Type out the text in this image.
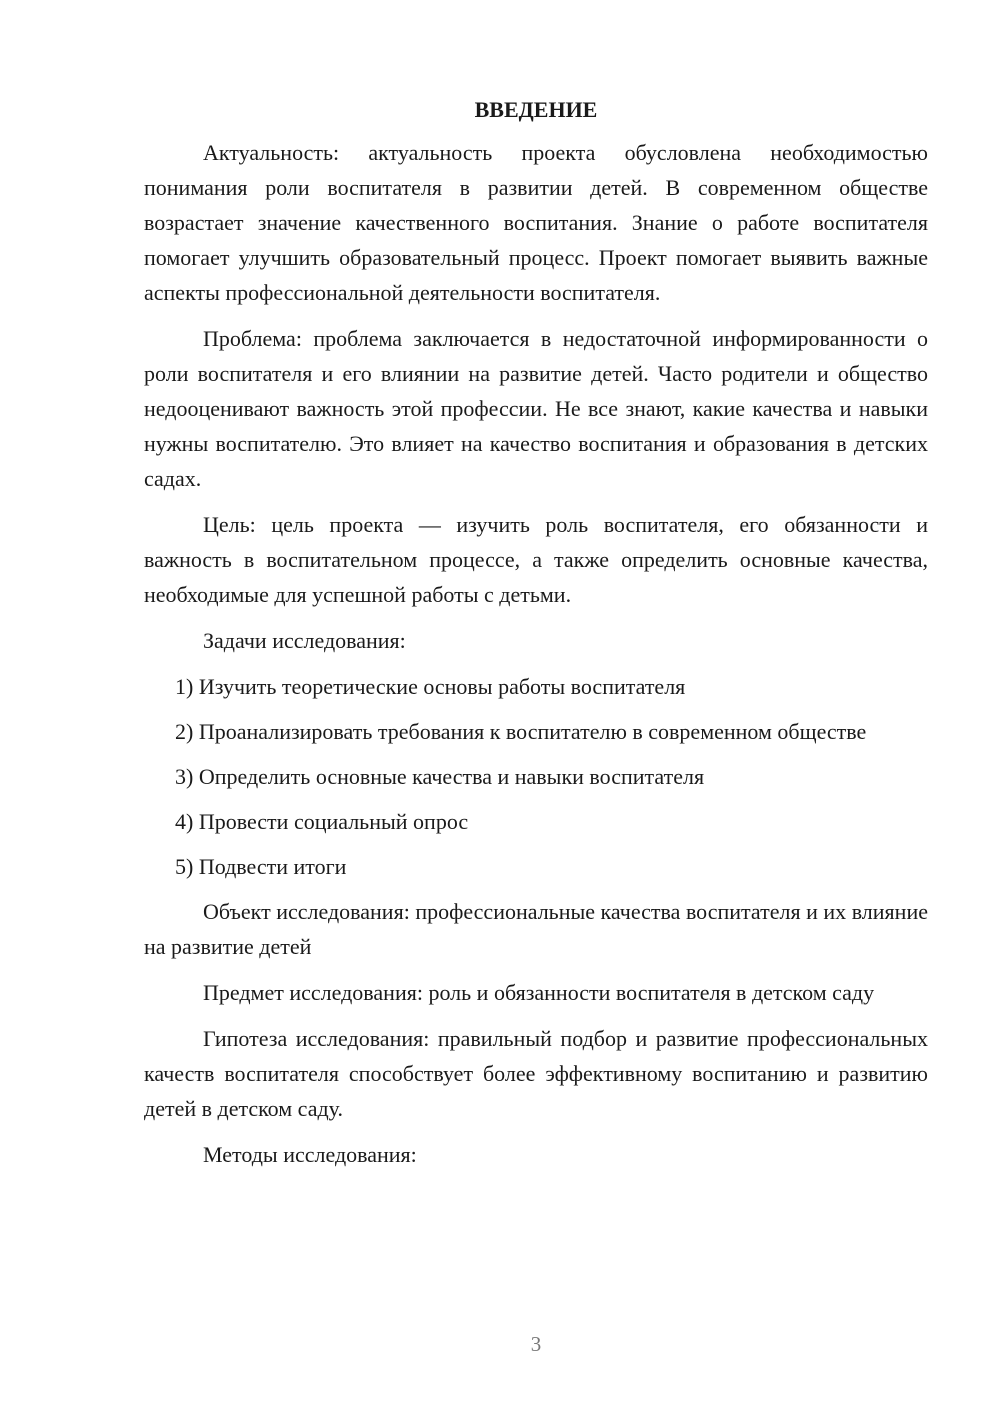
ВВЕДЕНИЕ

Актуальность: актуальность проекта обусловлена необходимостью понимания роли воспитателя в развитии детей. В современном обществе возрастает значение качественного воспитания. Знание о работе воспитателя помогает улучшить образовательный процесс. Проект помогает выявить важные аспекты профессиональной деятельности воспитателя.

Проблема: проблема заключается в недостаточной информированности о роли воспитателя и его влиянии на развитие детей. Часто родители и общество недооценивают важность этой профессии. Не все знают, какие качества и навыки нужны воспитателю. Это влияет на качество воспитания и образования в детских садах.

Цель: цель проекта — изучить роль воспитателя, его обязанности и важность в воспитательном процессе, а также определить основные качества, необходимые для успешной работы с детьми.

Задачи исследования:

1) Изучить теоретические основы работы воспитателя

2) Проанализировать требования к воспитателю в современном обществе

3) Определить основные качества и навыки воспитателя

4) Провести социальный опрос

5) Подвести итоги

Объект исследования: профессиональные качества воспитателя и их влияние на развитие детей

Предмет исследования: роль и обязанности воспитателя в детском саду

Гипотеза исследования: правильный подбор и развитие профессиональных качеств воспитателя способствует более эффективному воспитанию и развитию детей в детском саду.

Методы исследования:

3
